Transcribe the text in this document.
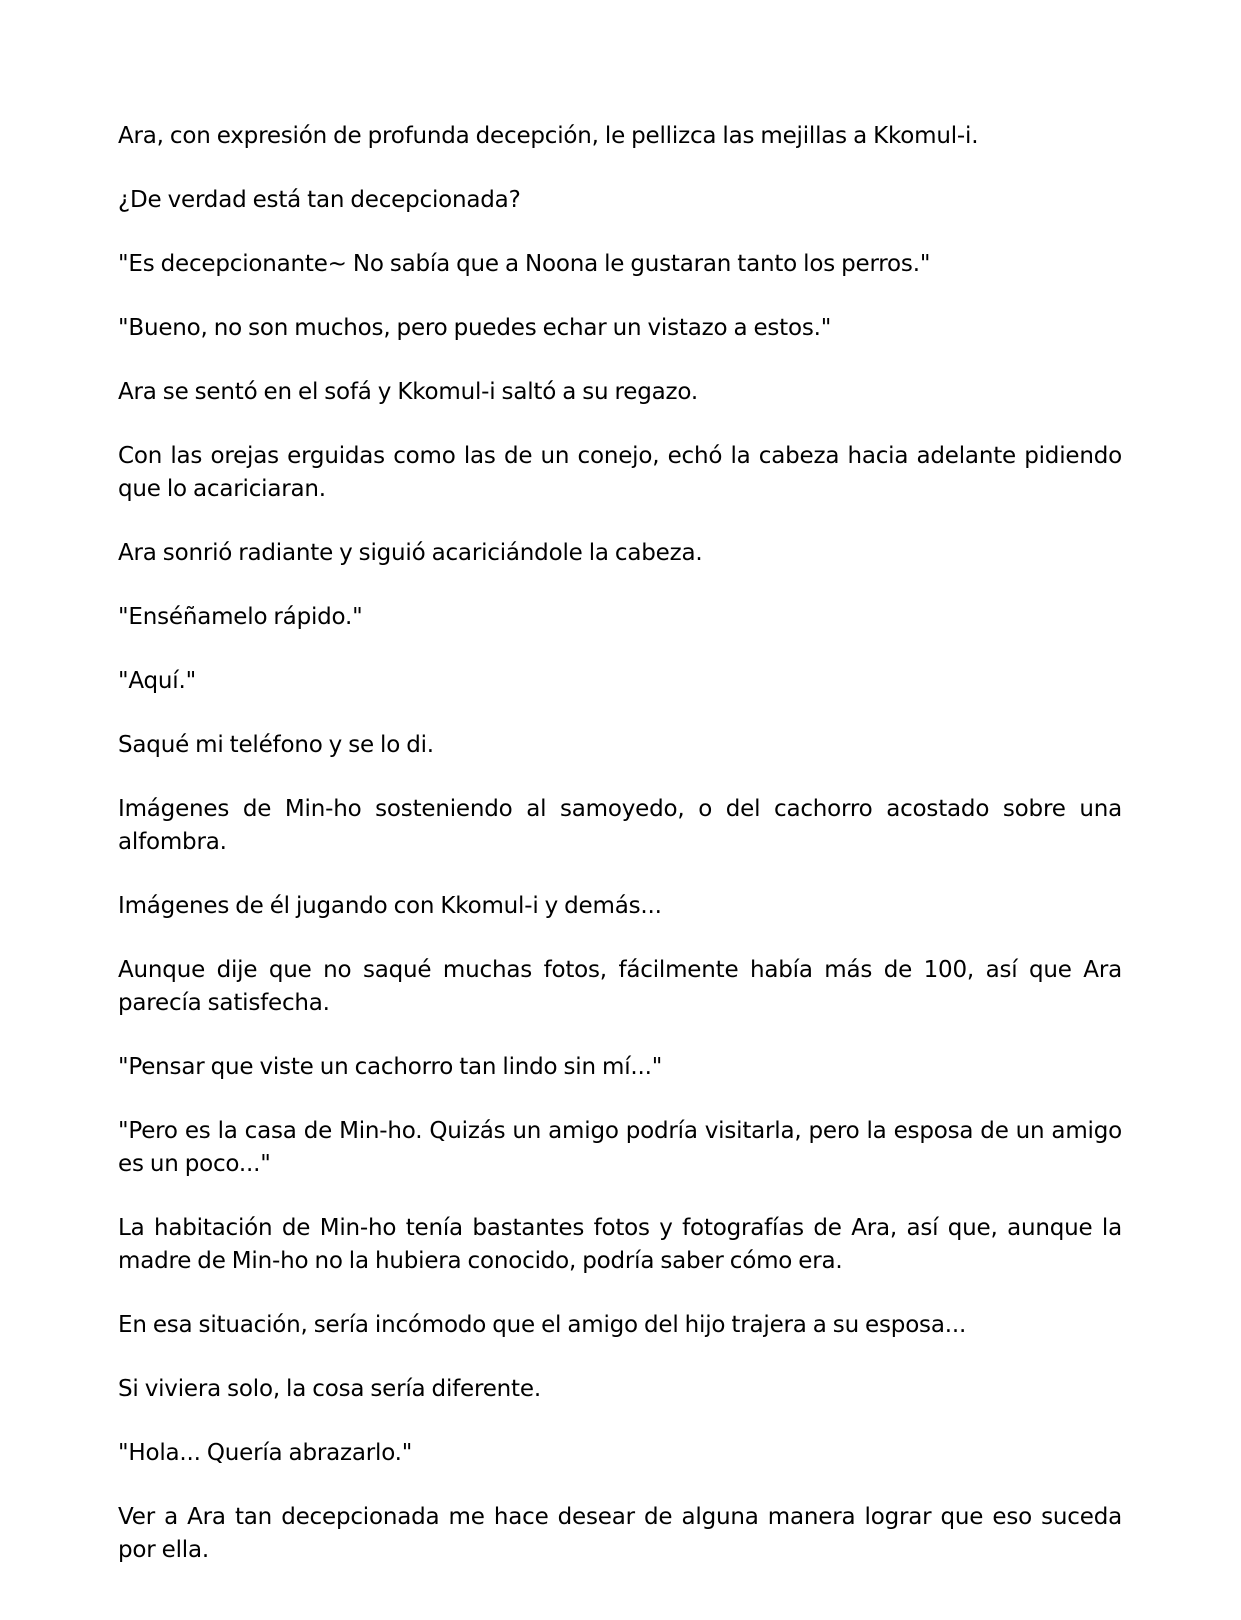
Ara, con expresión de profunda decepción, le pellizca las mejillas a Kkomul-i.

¿De verdad está tan decepcionada?

"Es decepcionante~ No sabía que a Noona le gustaran tanto los perros."

"Bueno, no son muchos, pero puedes echar un vistazo a estos."

Ara se sentó en el sofá y Kkomul-i saltó a su regazo.

Con las orejas erguidas como las de un conejo, echó la cabeza hacia adelante pidiendo que lo acariciaran.

Ara sonrió radiante y siguió acariciándole la cabeza.

"Enséñamelo rápido."

"Aquí."

Saqué mi teléfono y se lo di.

Imágenes de Min-ho sosteniendo al samoyedo, o del cachorro acostado sobre una alfombra.

Imágenes de él jugando con Kkomul-i y demás...

Aunque dije que no saqué muchas fotos, fácilmente había más de 100, así que Ara parecía satisfecha.

"Pensar que viste un cachorro tan lindo sin mí..."

"Pero es la casa de Min-ho. Quizás un amigo podría visitarla, pero la esposa de un amigo es un poco..."

La habitación de Min-ho tenía bastantes fotos y fotografías de Ara, así que, aunque la madre de Min-ho no la hubiera conocido, podría saber cómo era.

En esa situación, sería incómodo que el amigo del hijo trajera a su esposa...

Si viviera solo, la cosa sería diferente.

"Hola... Quería abrazarlo."

Ver a Ara tan decepcionada me hace desear de alguna manera lograr que eso suceda por ella.
